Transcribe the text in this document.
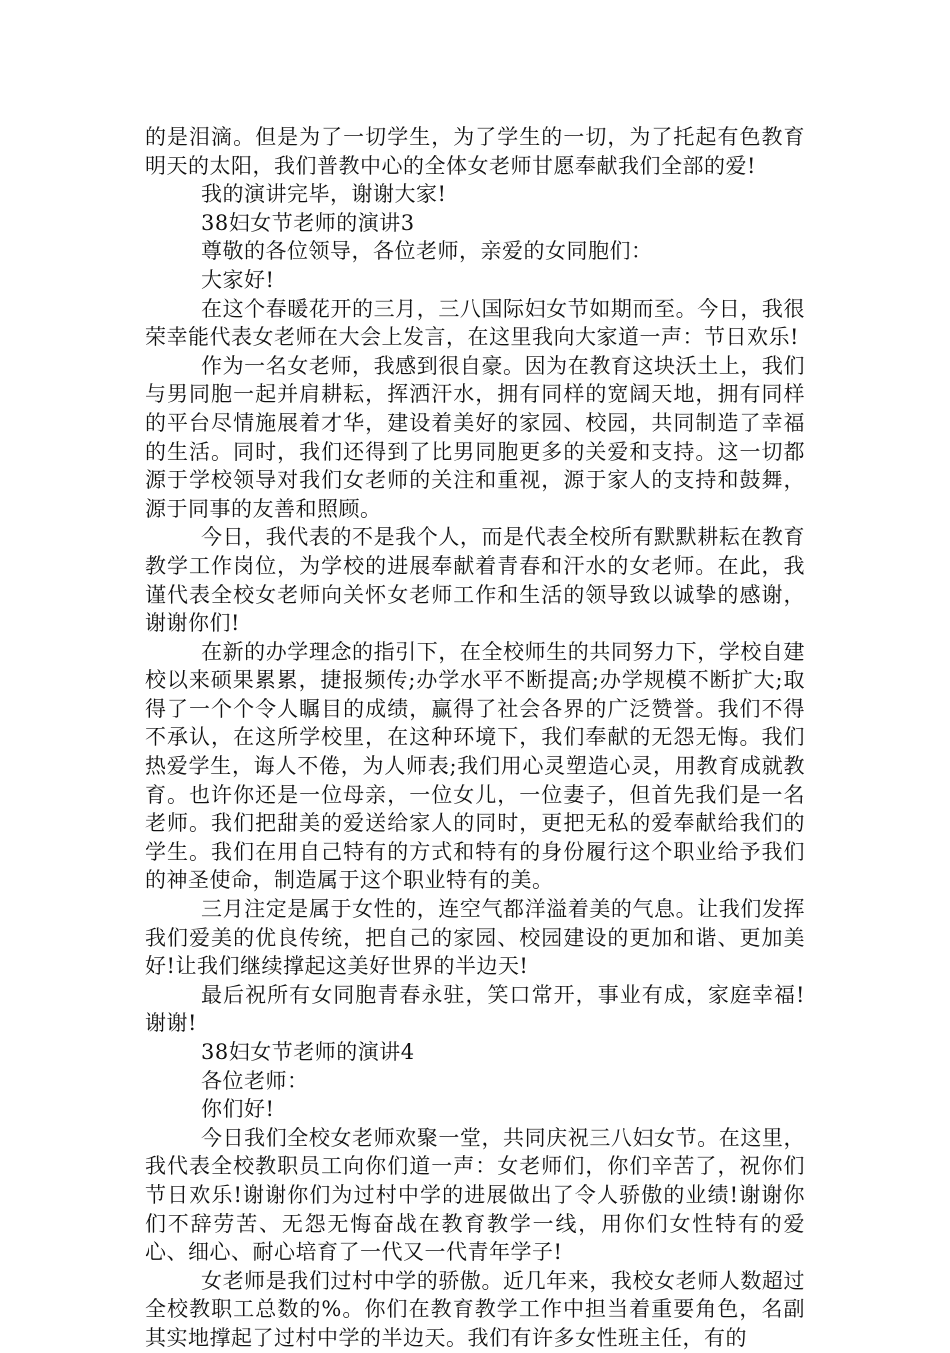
的是泪滴。但是为了一切学生，为了学生的一切，为了托起有色教育明天的太阳，我们普教中心的全体女老师甘愿奉献我们全部的爱!

我的演讲完毕，谢谢大家!

38妇女节老师的演讲3

尊敬的各位领导，各位老师，亲爱的女同胞们：

大家好!

在这个春暖花开的三月，三八国际妇女节如期而至。今日，我很荣幸能代表女老师在大会上发言，在这里我向大家道一声：节日欢乐!

作为一名女老师，我感到很自豪。因为在教育这块沃土上，我们与男同胞一起并肩耕耘，挥洒汗水，拥有同样的宽阔天地，拥有同样的平台尽情施展着才华，建设着美好的家园、校园，共同制造了幸福的生活。同时，我们还得到了比男同胞更多的关爱和支持。这一切都源于学校领导对我们女老师的关注和重视，源于家人的支持和鼓舞，源于同事的友善和照顾。

今日，我代表的不是我个人，而是代表全校所有默默耕耘在教育教学工作岗位，为学校的进展奉献着青春和汗水的女老师。在此，我谨代表全校女老师向关怀女老师工作和生活的领导致以诚挚的感谢，谢谢你们!

在新的办学理念的指引下，在全校师生的共同努力下，学校自建校以来硕果累累，捷报频传;办学水平不断提高;办学规模不断扩大;取得了一个个令人瞩目的成绩，赢得了社会各界的广泛赞誉。我们不得不承认，在这所学校里，在这种环境下，我们奉献的无怨无悔。我们热爱学生，诲人不倦，为人师表;我们用心灵塑造心灵，用教育成就教育。也许你还是一位母亲，一位女儿，一位妻子，但首先我们是一名老师。我们把甜美的爱送给家人的同时，更把无私的爱奉献给我们的学生。我们在用自己特有的方式和特有的身份履行这个职业给予我们的神圣使命，制造属于这个职业特有的美。

三月注定是属于女性的，连空气都洋溢着美的气息。让我们发挥我们爱美的优良传统，把自己的家园、校园建设的更加和谐、更加美好!让我们继续撑起这美好世界的半边天!

最后祝所有女同胞青春永驻，笑口常开，事业有成，家庭幸福!谢谢!

38妇女节老师的演讲4

各位老师：

你们好!

今日我们全校女老师欢聚一堂，共同庆祝三八妇女节。在这里，我代表全校教职员工向你们道一声：女老师们，你们辛苦了，祝你们节日欢乐!谢谢你们为过村中学的进展做出了令人骄傲的业绩!谢谢你们不辞劳苦、无怨无悔奋战在教育教学一线，用你们女性特有的爱心、细心、耐心培育了一代又一代青年学子!

女老师是我们过村中学的骄傲。近几年来，我校女老师人数超过全校教职工总数的%。你们在教育教学工作中担当着重要角色，名副其实地撑起了过村中学的半边天。我们有许多女性班主任，有的
